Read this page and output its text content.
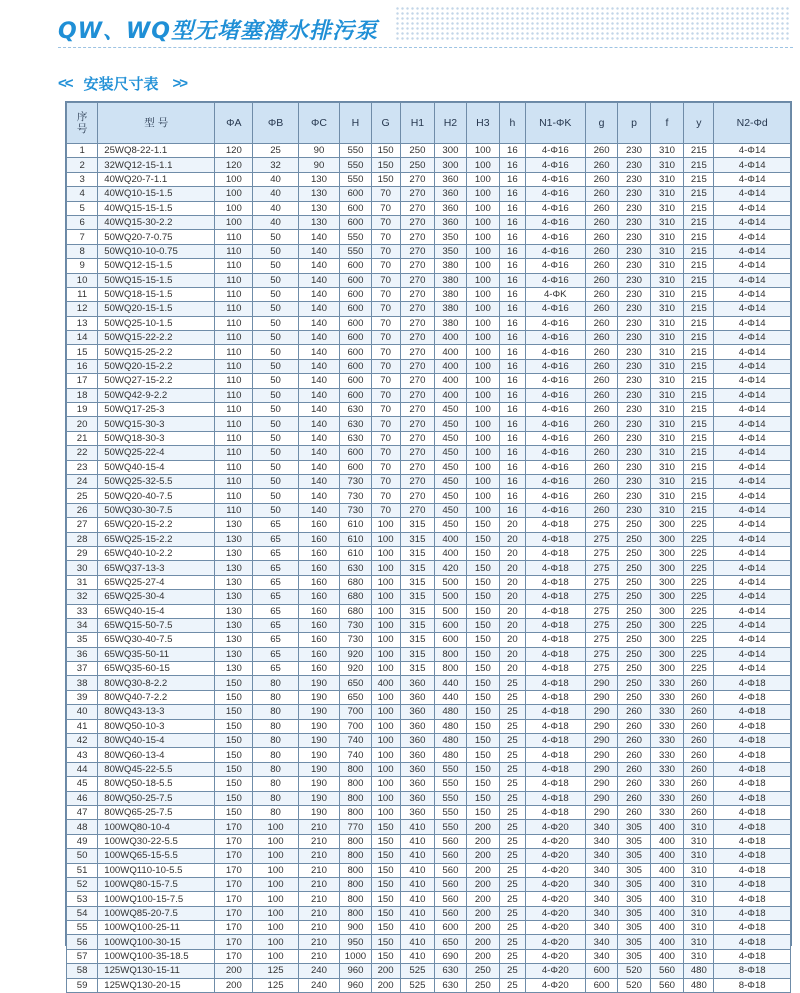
QW、WQ型无堵塞潜水排污泵
<< 安装尺寸表 >>
序号	型 号	ΦA	ΦB	ΦC	H	G	H1	H2	H3	h	N1-ΦK	g	p	f	y	N2-Φd
1	25WQ8-22-1.1	120	25	90	550	150	250	300	100	16	4-Φ16	260	230	310	215	4-Φ14
2	32WQ12-15-1.1	120	32	90	550	150	250	300	100	16	4-Φ16	260	230	310	215	4-Φ14
3	40WQ20-7-1.1	100	40	130	550	150	270	360	100	16	4-Φ16	260	230	310	215	4-Φ14
4	40WQ10-15-1.5	100	40	130	600	70	270	360	100	16	4-Φ16	260	230	310	215	4-Φ14
5	40WQ15-15-1.5	100	40	130	600	70	270	360	100	16	4-Φ16	260	230	310	215	4-Φ14
6	40WQ15-30-2.2	100	40	130	600	70	270	360	100	16	4-Φ16	260	230	310	215	4-Φ14
7	50WQ20-7-0.75	110	50	140	550	70	270	350	100	16	4-Φ16	260	230	310	215	4-Φ14
8	50WQ10-10-0.75	110	50	140	550	70	270	350	100	16	4-Φ16	260	230	310	215	4-Φ14
9	50WQ12-15-1.5	110	50	140	600	70	270	380	100	16	4-Φ16	260	230	310	215	4-Φ14
10	50WQ15-15-1.5	110	50	140	600	70	270	380	100	16	4-Φ16	260	230	310	215	4-Φ14
11	50WQ18-15-1.5	110	50	140	600	70	270	380	100	16	4-ΦK	260	230	310	215	4-Φ14
12	50WQ20-15-1.5	110	50	140	600	70	270	380	100	16	4-Φ16	260	230	310	215	4-Φ14
13	50WQ25-10-1.5	110	50	140	600	70	270	380	100	16	4-Φ16	260	230	310	215	4-Φ14
14	50WQ15-22-2.2	110	50	140	600	70	270	400	100	16	4-Φ16	260	230	310	215	4-Φ14
15	50WQ15-25-2.2	110	50	140	600	70	270	400	100	16	4-Φ16	260	230	310	215	4-Φ14
16	50WQ20-15-2.2	110	50	140	600	70	270	400	100	16	4-Φ16	260	230	310	215	4-Φ14
17	50WQ27-15-2.2	110	50	140	600	70	270	400	100	16	4-Φ16	260	230	310	215	4-Φ14
18	50WQ42-9-2.2	110	50	140	600	70	270	400	100	16	4-Φ16	260	230	310	215	4-Φ14
19	50WQ17-25-3	110	50	140	630	70	270	450	100	16	4-Φ16	260	230	310	215	4-Φ14
20	50WQ15-30-3	110	50	140	630	70	270	450	100	16	4-Φ16	260	230	310	215	4-Φ14
21	50WQ18-30-3	110	50	140	630	70	270	450	100	16	4-Φ16	260	230	310	215	4-Φ14
22	50WQ25-22-4	110	50	140	600	70	270	450	100	16	4-Φ16	260	230	310	215	4-Φ14
23	50WQ40-15-4	110	50	140	600	70	270	450	100	16	4-Φ16	260	230	310	215	4-Φ14
24	50WQ25-32-5.5	110	50	140	730	70	270	450	100	16	4-Φ16	260	230	310	215	4-Φ14
25	50WQ20-40-7.5	110	50	140	730	70	270	450	100	16	4-Φ16	260	230	310	215	4-Φ14
26	50WQ30-30-7.5	110	50	140	730	70	270	450	100	16	4-Φ16	260	230	310	215	4-Φ14
27	65WQ20-15-2.2	130	65	160	610	100	315	450	150	20	4-Φ18	275	250	300	225	4-Φ14
28	65WQ25-15-2.2	130	65	160	610	100	315	400	150	20	4-Φ18	275	250	300	225	4-Φ14
29	65WQ40-10-2.2	130	65	160	610	100	315	400	150	20	4-Φ18	275	250	300	225	4-Φ14
30	65WQ37-13-3	130	65	160	630	100	315	420	150	20	4-Φ18	275	250	300	225	4-Φ14
31	65WQ25-27-4	130	65	160	680	100	315	500	150	20	4-Φ18	275	250	300	225	4-Φ14
32	65WQ25-30-4	130	65	160	680	100	315	500	150	20	4-Φ18	275	250	300	225	4-Φ14
33	65WQ40-15-4	130	65	160	680	100	315	500	150	20	4-Φ18	275	250	300	225	4-Φ14
34	65WQ15-50-7.5	130	65	160	730	100	315	600	150	20	4-Φ18	275	250	300	225	4-Φ14
35	65WQ30-40-7.5	130	65	160	730	100	315	600	150	20	4-Φ18	275	250	300	225	4-Φ14
36	65WQ35-50-11	130	65	160	920	100	315	800	150	20	4-Φ18	275	250	300	225	4-Φ14
37	65WQ35-60-15	130	65	160	920	100	315	800	150	20	4-Φ18	275	250	300	225	4-Φ14
38	80WQ30-8-2.2	150	80	190	650	400	360	440	150	25	4-Φ18	290	250	330	260	4-Φ18
39	80WQ40-7-2.2	150	80	190	650	100	360	440	150	25	4-Φ18	290	250	330	260	4-Φ18
40	80WQ43-13-3	150	80	190	700	100	360	480	150	25	4-Φ18	290	260	330	260	4-Φ18
41	80WQ50-10-3	150	80	190	700	100	360	480	150	25	4-Φ18	290	260	330	260	4-Φ18
42	80WQ40-15-4	150	80	190	740	100	360	480	150	25	4-Φ18	290	260	330	260	4-Φ18
43	80WQ60-13-4	150	80	190	740	100	360	480	150	25	4-Φ18	290	260	330	260	4-Φ18
44	80WQ45-22-5.5	150	80	190	800	100	360	550	150	25	4-Φ18	290	260	330	260	4-Φ18
45	80WQ50-18-5.5	150	80	190	800	100	360	550	150	25	4-Φ18	290	260	330	260	4-Φ18
46	80WQ50-25-7.5	150	80	190	800	100	360	550	150	25	4-Φ18	290	260	330	260	4-Φ18
47	80WQ65-25-7.5	150	80	190	800	100	360	550	150	25	4-Φ18	290	260	330	260	4-Φ18
48	100WQ80-10-4	170	100	210	770	150	410	550	200	25	4-Φ20	340	305	400	310	4-Φ18
49	100WQ30-22-5.5	170	100	210	800	150	410	560	200	25	4-Φ20	340	305	400	310	4-Φ18
50	100WQ65-15-5.5	170	100	210	800	150	410	560	200	25	4-Φ20	340	305	400	310	4-Φ18
51	100WQ110-10-5.5	170	100	210	800	150	410	560	200	25	4-Φ20	340	305	400	310	4-Φ18
52	100WQ80-15-7.5	170	100	210	800	150	410	560	200	25	4-Φ20	340	305	400	310	4-Φ18
53	100WQ100-15-7.5	170	100	210	800	150	410	560	200	25	4-Φ20	340	305	400	310	4-Φ18
54	100WQ85-20-7.5	170	100	210	800	150	410	560	200	25	4-Φ20	340	305	400	310	4-Φ18
55	100WQ100-25-11	170	100	210	900	150	410	600	200	25	4-Φ20	340	305	400	310	4-Φ18
56	100WQ100-30-15	170	100	210	950	150	410	650	200	25	4-Φ20	340	305	400	310	4-Φ18
57	100WQ100-35-18.5	170	100	210	1000	150	410	690	200	25	4-Φ20	340	305	400	310	4-Φ18
58	125WQ130-15-11	200	125	240	960	200	525	630	250	25	4-Φ20	600	520	560	480	8-Φ18
59	125WQ130-20-15	200	125	240	960	200	525	630	250	25	4-Φ20	600	520	560	480	8-Φ18
